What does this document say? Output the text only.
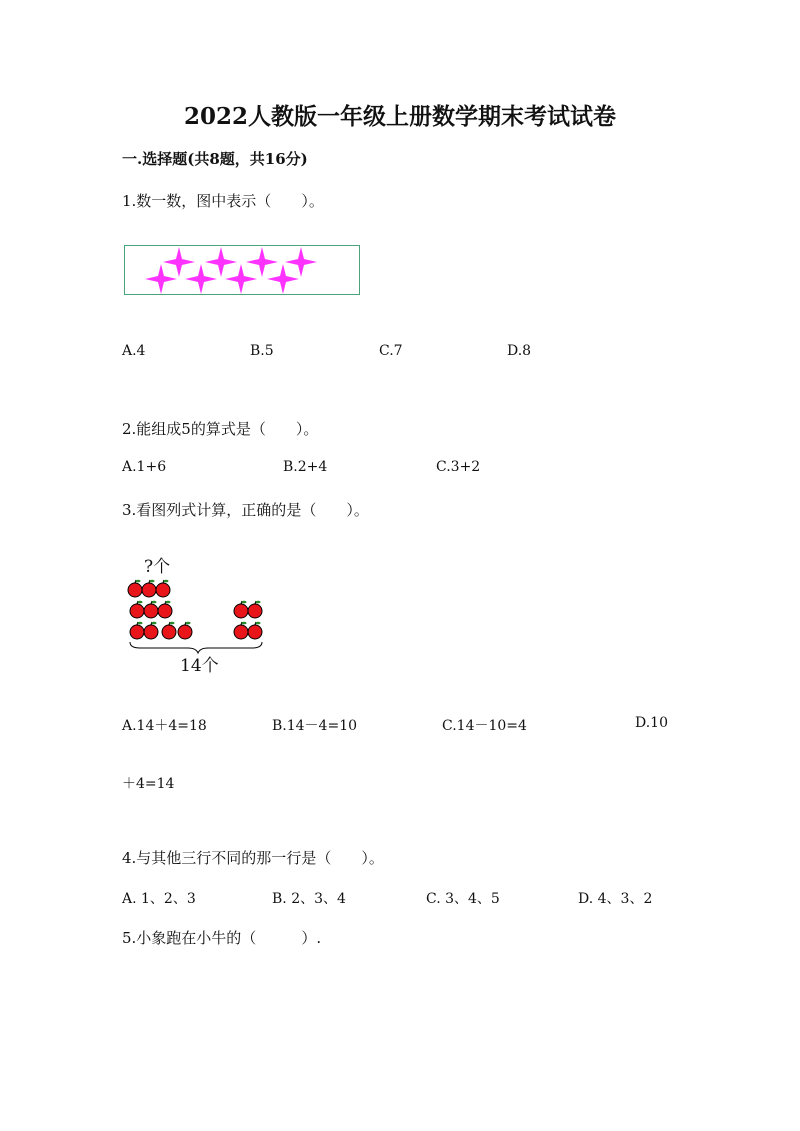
2022人教版一年级上册数学期末考试试卷
一.选择题(共8题，共16分)
1.数一数，图中表示（　　）。
A.4	B.5	C.7	D.8
2.能组成5的算式是（　　）。
A.1+6	B.2+4	C.3+2
3.看图列式计算，正确的是（　　）。
?个
14个
A.14＋4=18	B.14－4=10	C.14－10=4	D.10
＋4=14
4.与其他三行不同的那一行是（　　）。
A. 1、2、3	B. 2、3、4	C. 3、4、5	D. 4、3、2
5.小象跑在小牛的（　　　）.
